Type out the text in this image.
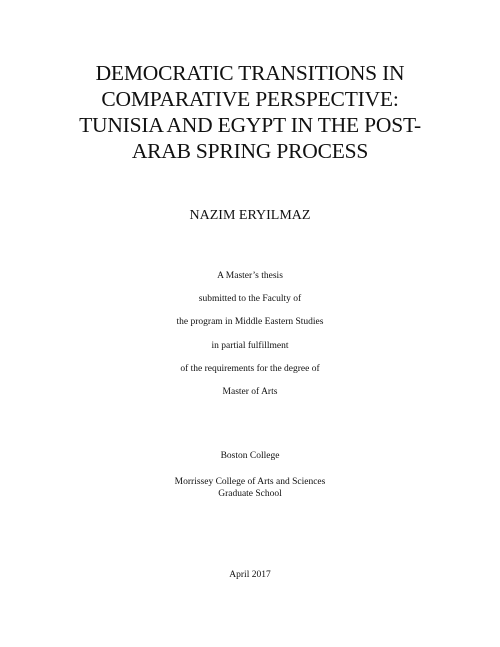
DEMOCRATIC TRANSITIONS IN
COMPARATIVE PERSPECTIVE:
TUNISIA AND EGYPT IN THE POST-
ARAB SPRING PROCESS
NAZIM ERYILMAZ
A Master’s thesis
submitted to the Faculty of
the program in Middle Eastern Studies
in partial fulfillment
of the requirements for the degree of
Master of Arts
Boston College
Morrissey College of Arts and Sciences
Graduate School
April 2017
